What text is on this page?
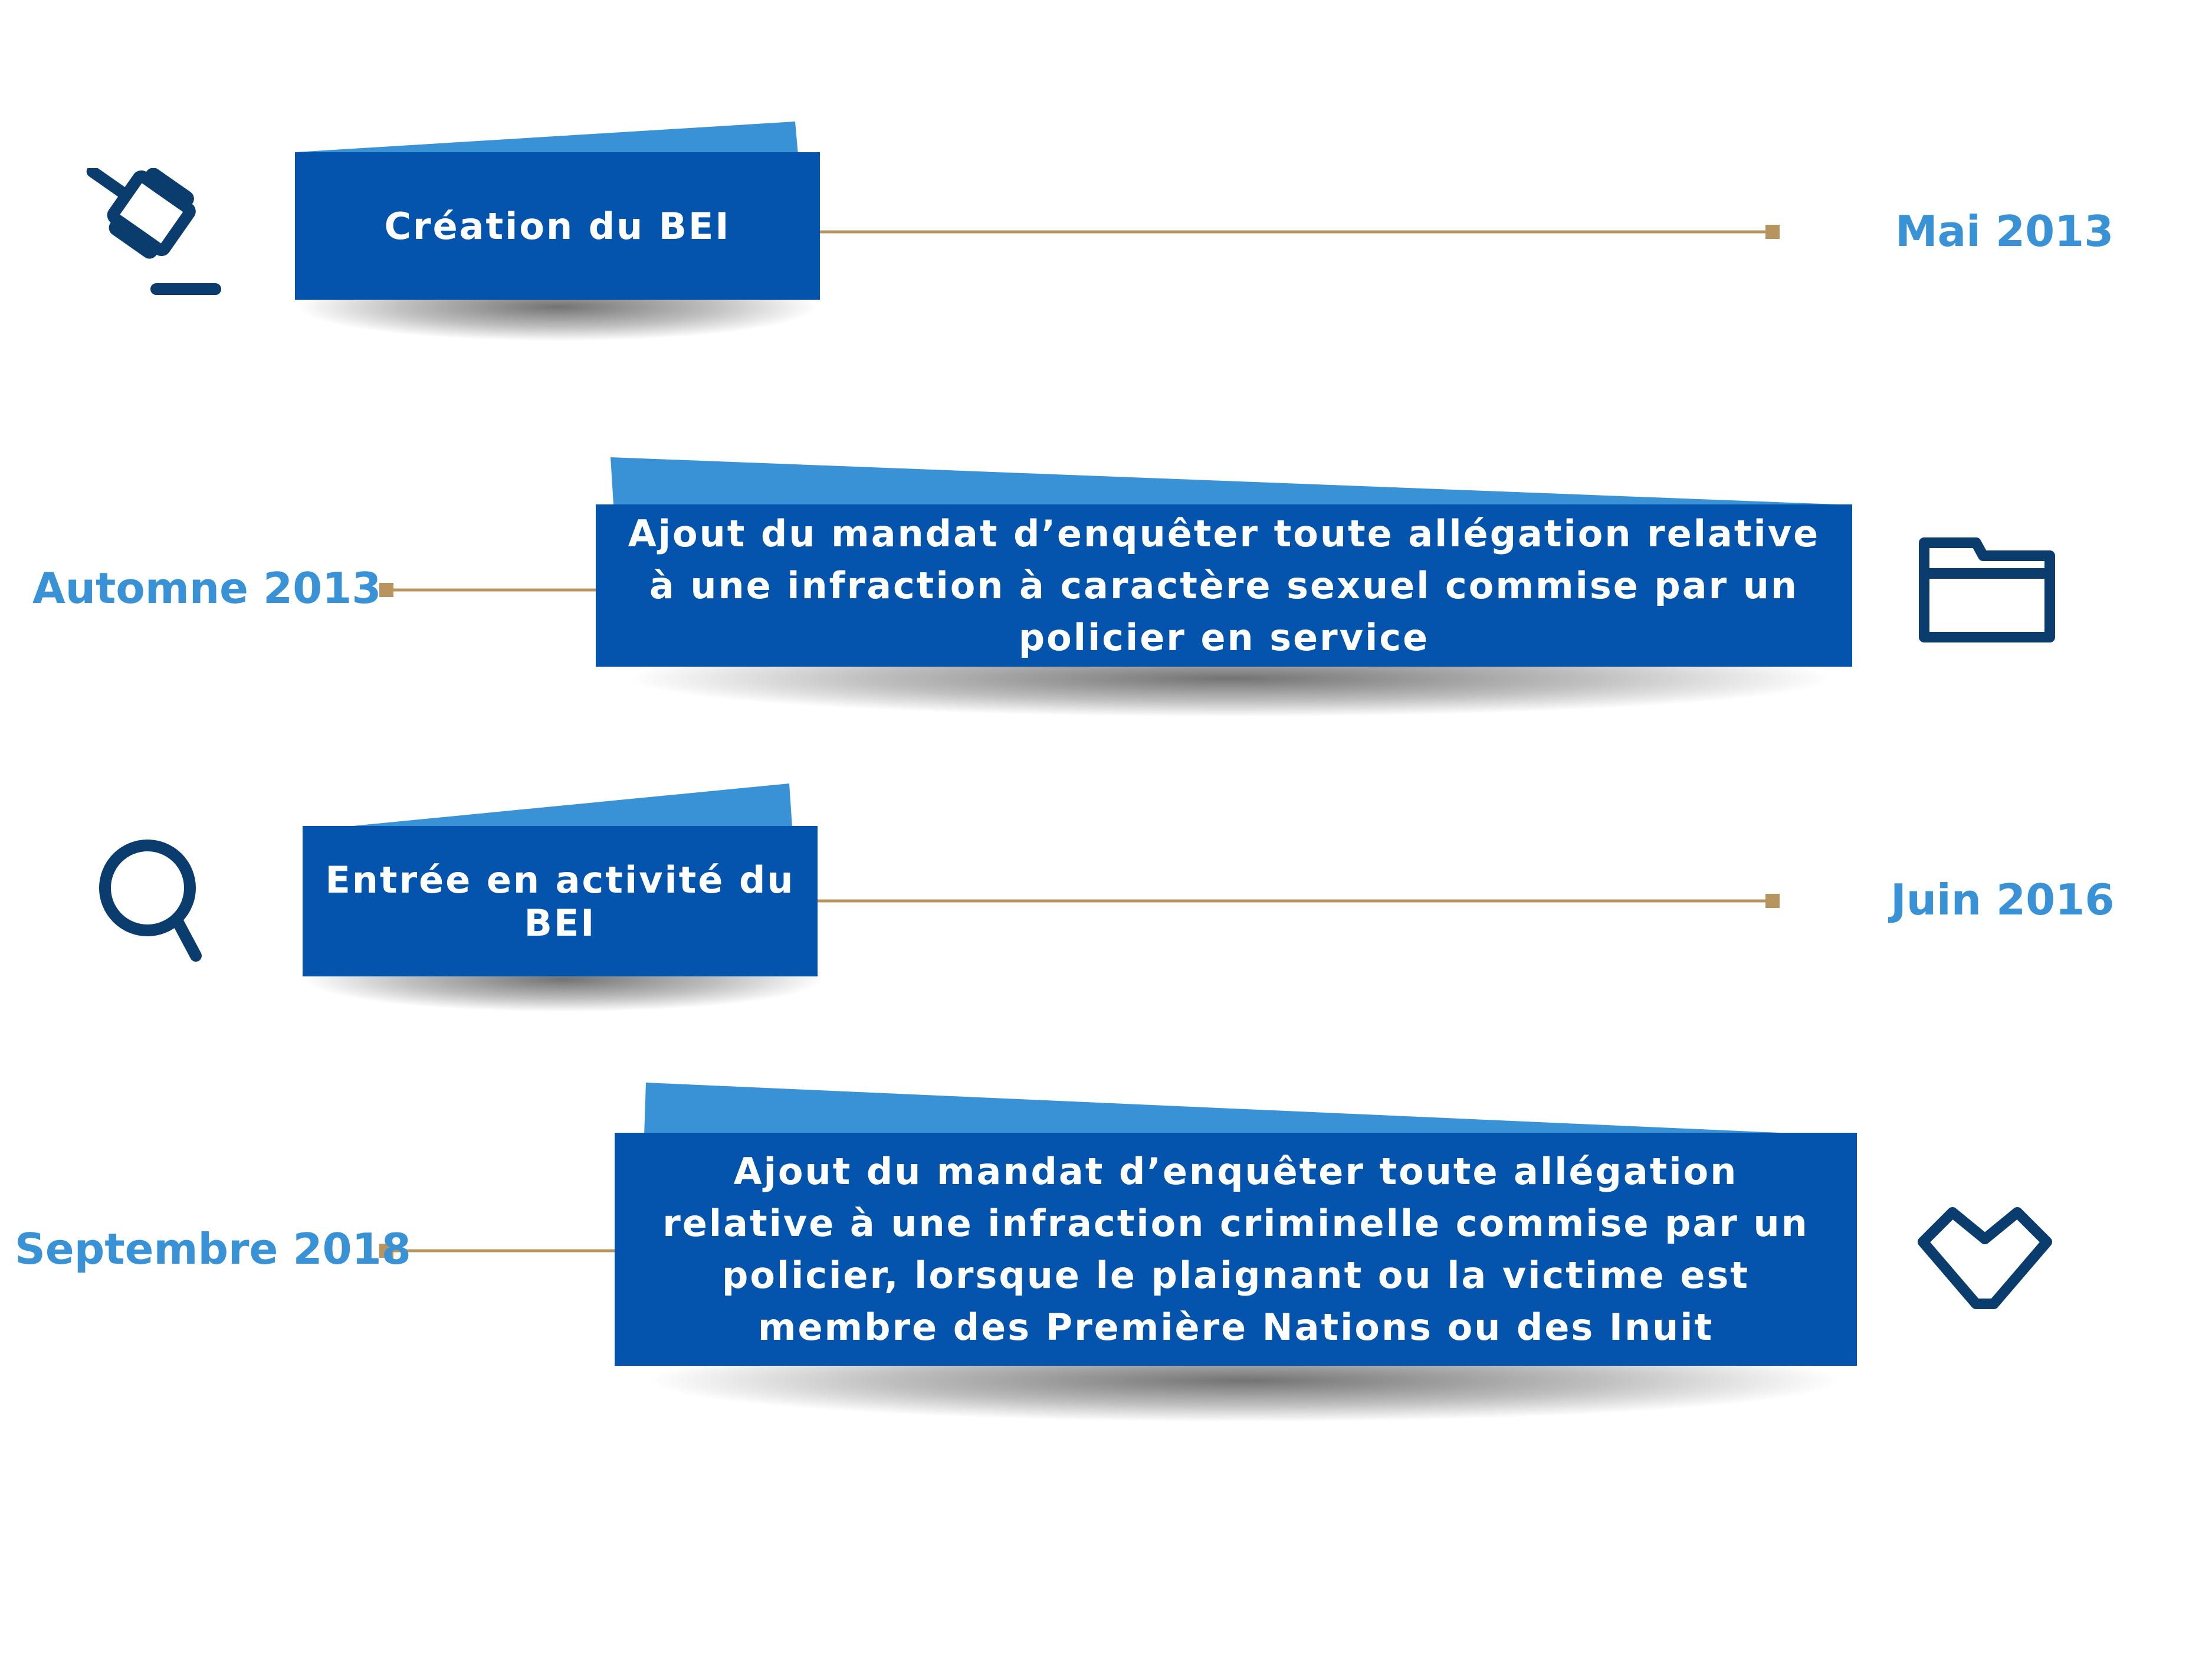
Création du BEI	Mai 2013
Ajout du mandat d’enquêter toute allégation relative à une infraction à caractère sexuel commise par un policier en service
Automne 2013
Entrée en activité du BEI	Juin 2016
Ajout du mandat d’enquêter toute allégation relative à une infraction criminelle commise par un policier, lorsque le plaignant ou la victime est membre des Première Nations ou des Inuit
Septembre 2018
